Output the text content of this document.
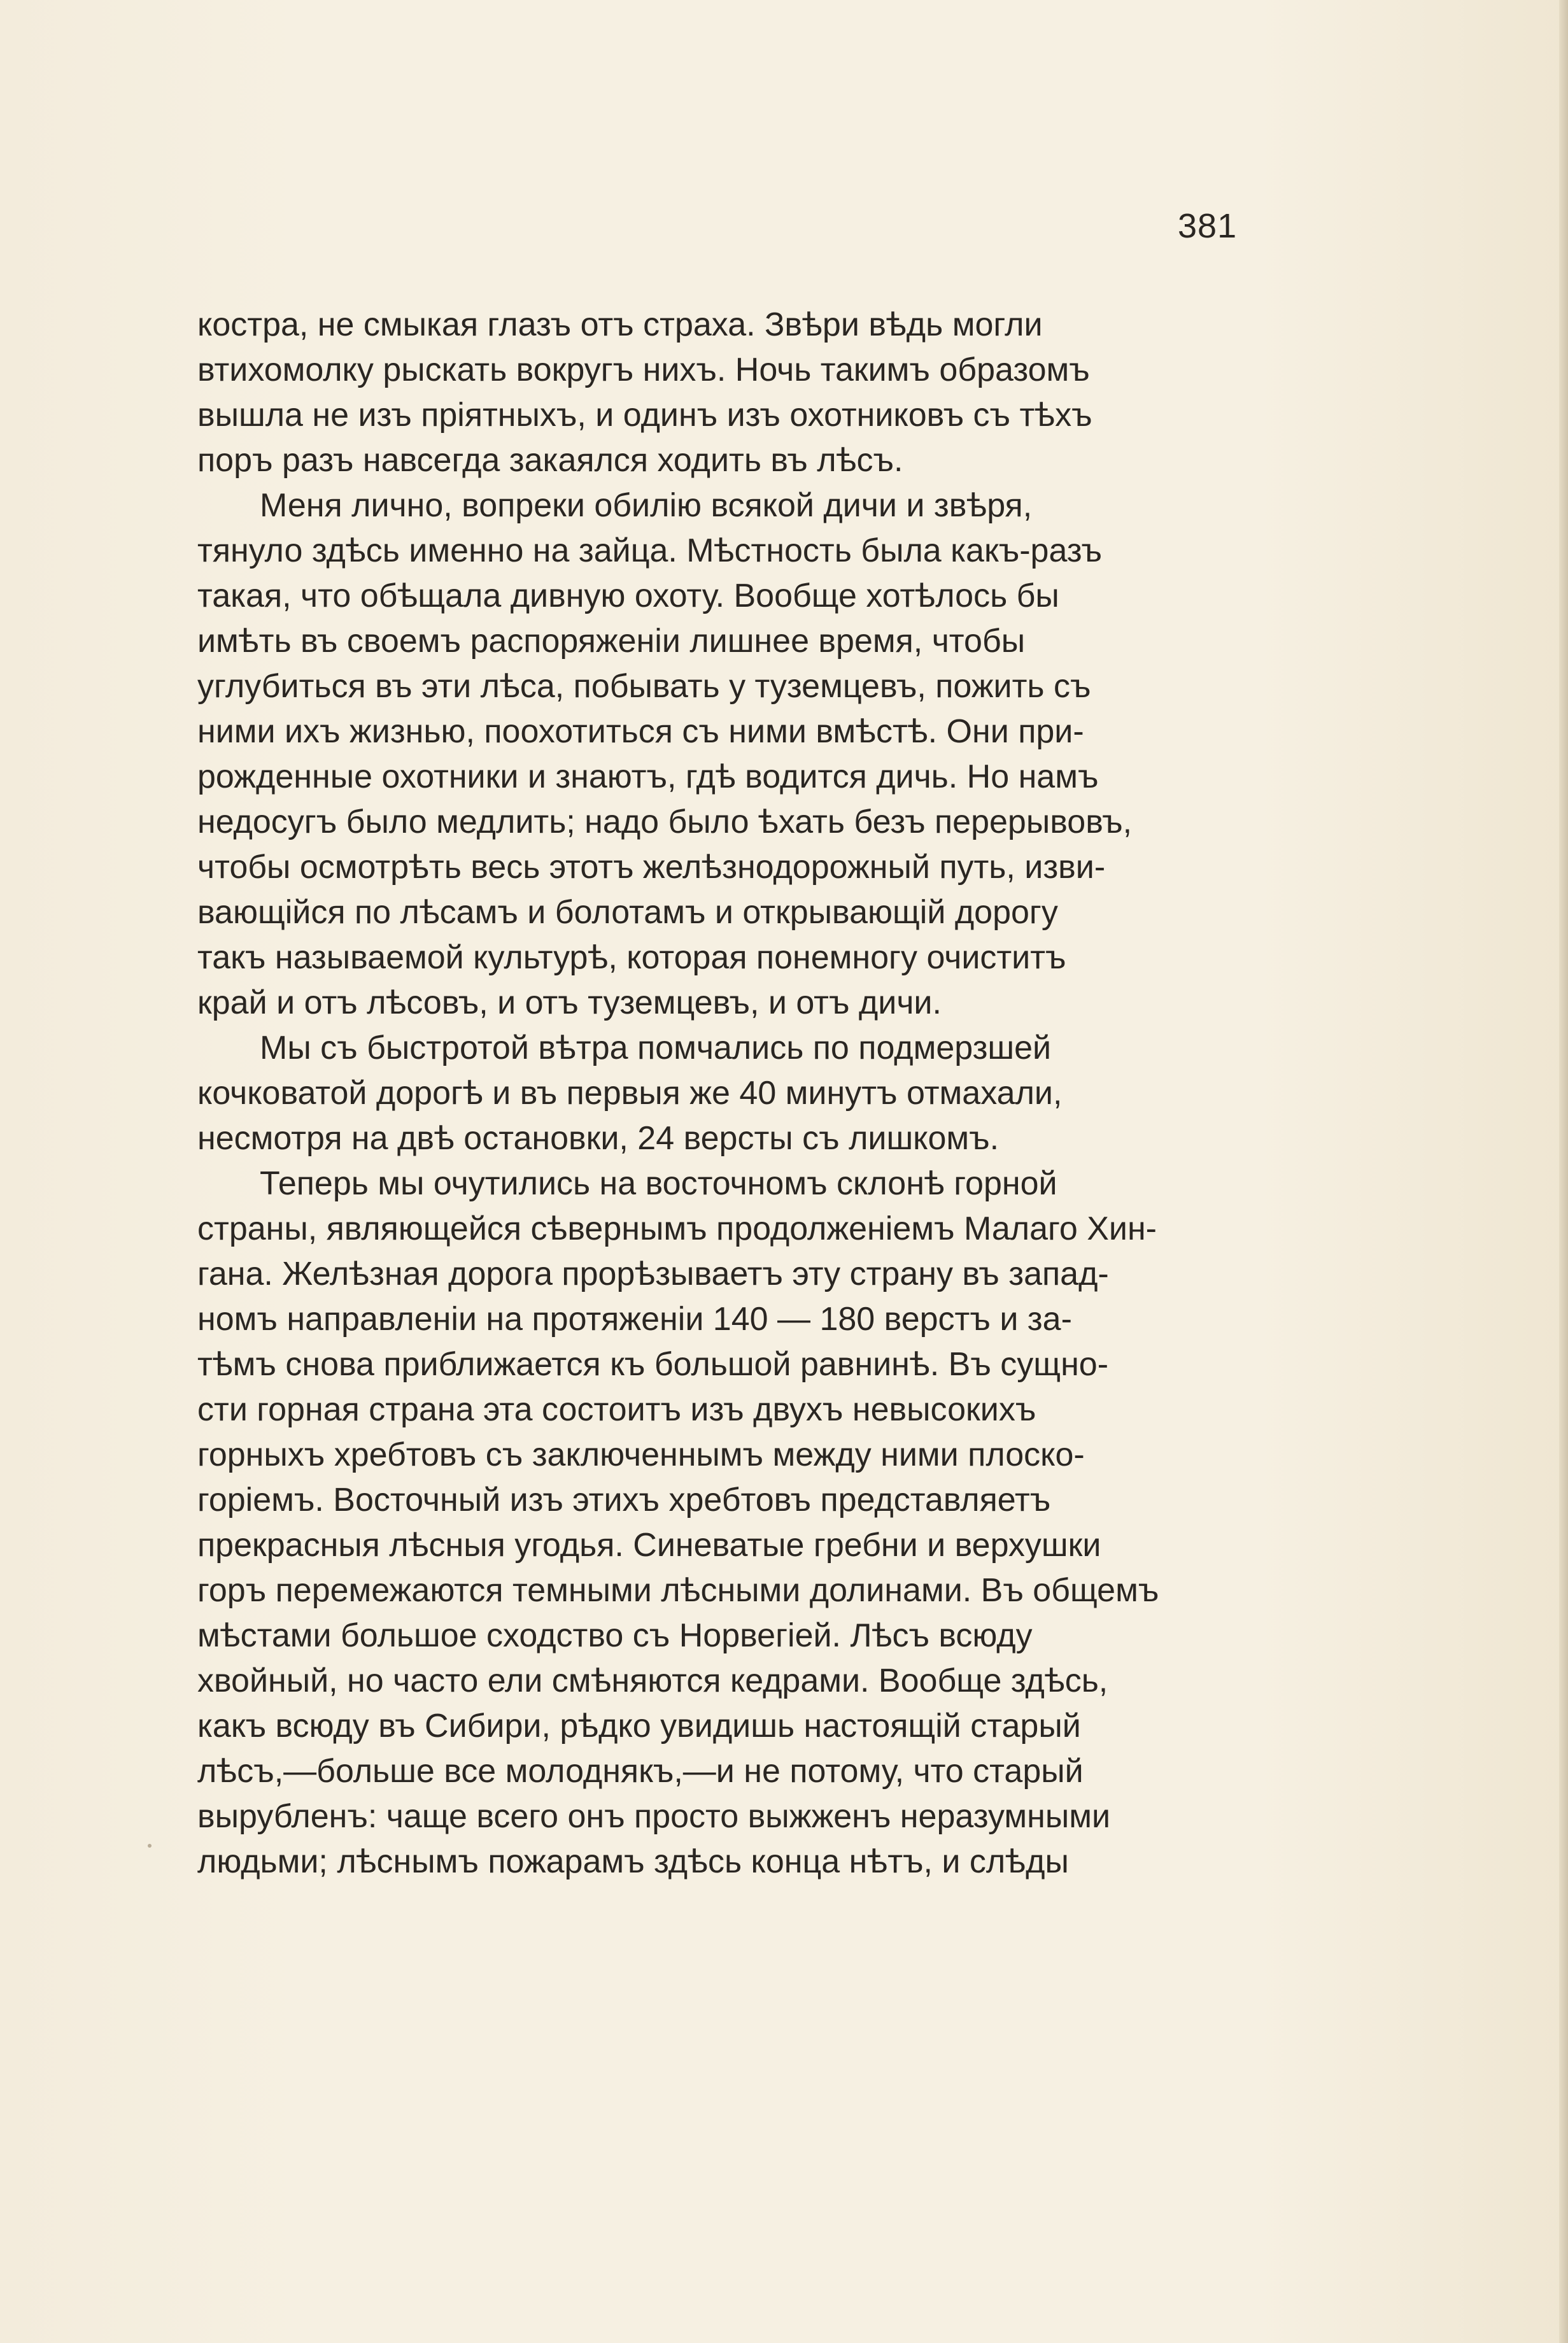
381
костра, не смыкая глазъ отъ страха. Звѣри вѣдь могли
втихомолку рыскать вокругъ нихъ. Ночь такимъ образомъ
вышла не изъ пріятныхъ, и одинъ изъ охотниковъ съ тѣхъ
поръ разъ навсегда закаялся ходить въ лѣсъ.
Меня лично, вопреки обилію всякой дичи и звѣря,
тянуло здѣсь именно на зайца. Мѣстность была какъ-разъ
такая, что обѣщала дивную охоту. Вообще хотѣлось бы
имѣть въ своемъ распоряженіи лишнее время, чтобы
углубиться въ эти лѣса, побывать у туземцевъ, пожить съ
ними ихъ жизнью, поохотиться съ ними вмѣстѣ. Они при-
рожденные охотники и знаютъ, гдѣ водится дичь. Но намъ
недосугъ было медлить; надо было ѣхать безъ перерывовъ,
чтобы осмотрѣть весь этотъ желѣзнодорожный путь, изви-
вающійся по лѣсамъ и болотамъ и открывающій дорогу
такъ называемой культурѣ, которая понемногу очиститъ
край и отъ лѣсовъ, и отъ туземцевъ, и отъ дичи.
Мы съ быстротой вѣтра помчались по подмерзшей
кочковатой дорогѣ и въ первыя же 40 минутъ отмахали,
несмотря на двѣ остановки, 24 версты съ лишкомъ.
Теперь мы очутились на восточномъ склонѣ горной
страны, являющейся сѣвернымъ продолженіемъ Малаго Хин-
гана. Желѣзная дорога прорѣзываетъ эту страну въ запад-
номъ направленіи на протяженіи 140 — 180 верстъ и за-
тѣмъ снова приближается къ большой равнинѣ. Въ сущно-
сти горная страна эта состоитъ изъ двухъ невысокихъ
горныхъ хребтовъ съ заключеннымъ между ними плоско-
горіемъ. Восточный изъ этихъ хребтовъ представляетъ
прекрасныя лѣсныя угодья. Синеватые гребни и верхушки
горъ перемежаются темными лѣсными долинами. Въ общемъ
мѣстами большое сходство съ Норвегіей. Лѣсъ всюду
хвойный, но часто ели смѣняются кедрами. Вообще здѣсь,
какъ всюду въ Сибири, рѣдко увидишь настоящій старый
лѣсъ,—больше все молоднякъ,—и не потому, что старый
вырубленъ: чаще всего онъ просто выжженъ неразумными
людьми; лѣснымъ пожарамъ здѣсь конца нѣтъ, и слѣды
